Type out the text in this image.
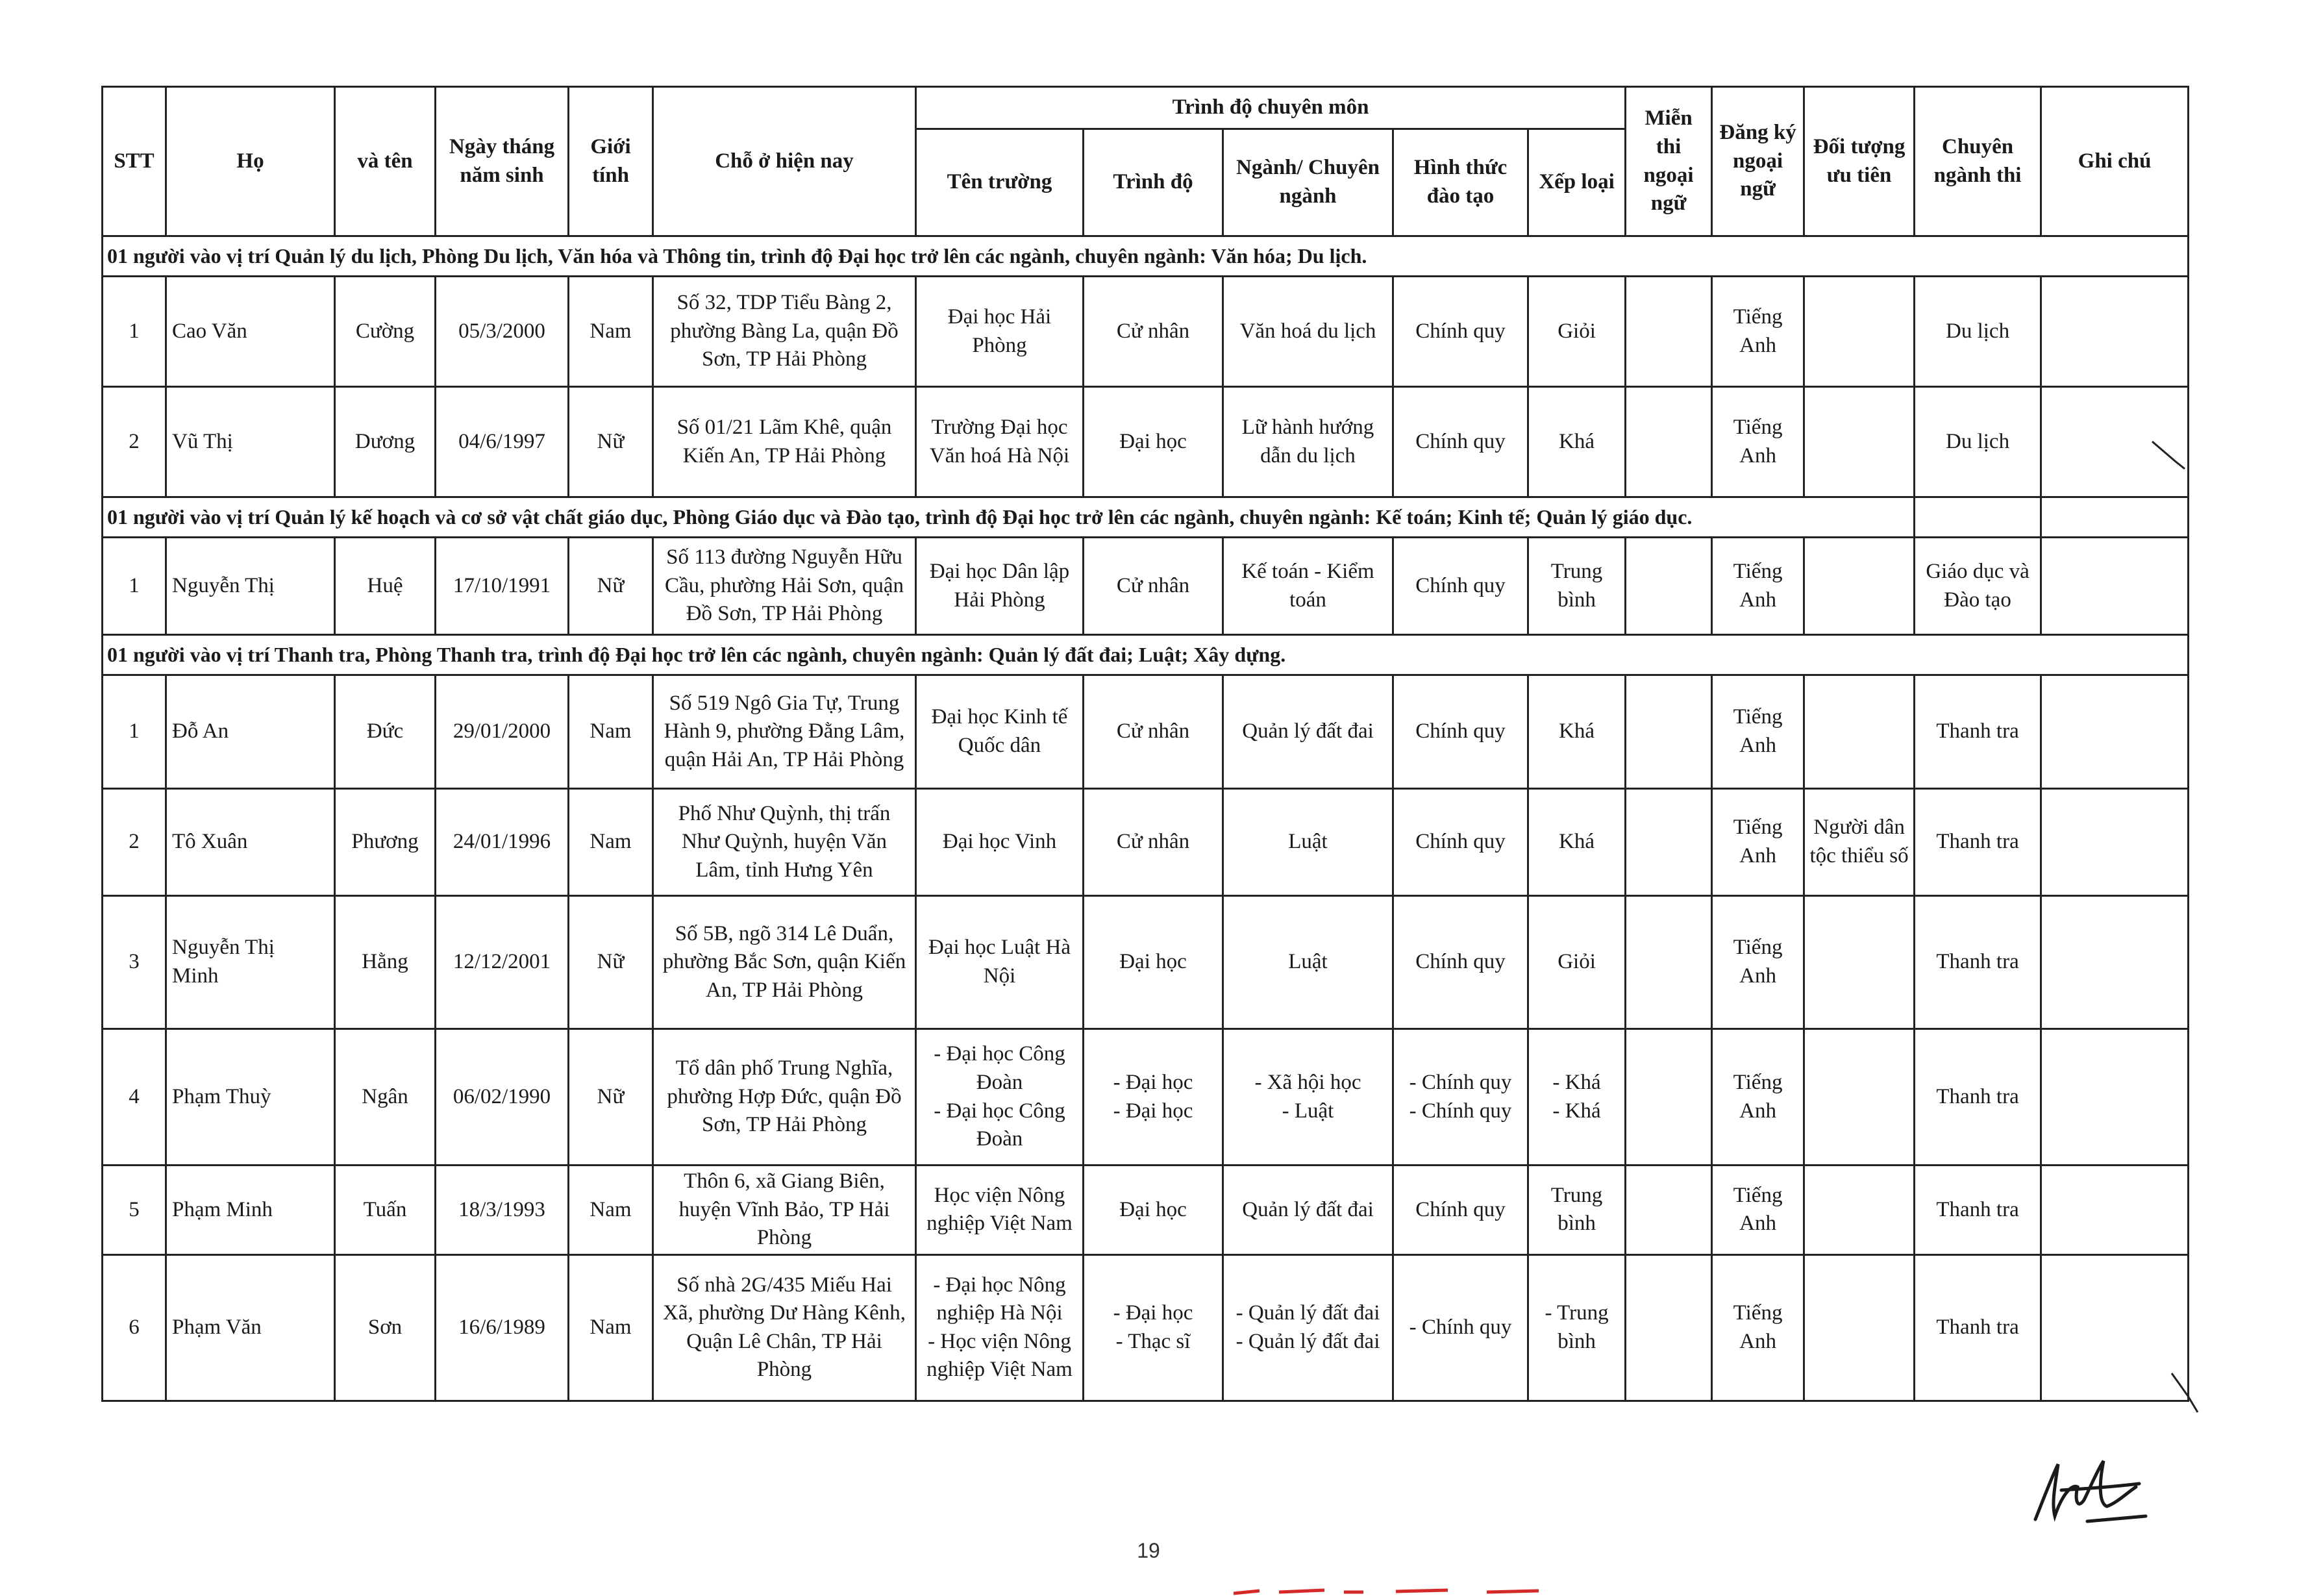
STT	Họ	và tên	Ngày tháng
năm sinh	Giới
tính	Chỗ ở hiện nay	Trình độ chuyên môn					Miễn
thi
ngoại
ngữ	Đăng ký
ngoại
ngữ	Đối tượng
ưu tiên	Chuyên
ngành thi	Ghi chú
						Tên trường	Trình độ	Ngành/ Chuyên
ngành	Hình thức
đào tạo	Xếp loại					
01 người vào vị trí Quản lý du lịch, Phòng Du lịch, Văn hóa và Thông tin, trình độ Đại học trở lên các ngành, chuyên ngành: Văn hóa; Du lịch.															
1	Cao Văn	Cường	05/3/2000	Nam	Số 32, TDP Tiểu Bàng 2,
phường Bàng La, quận Đồ
Sơn, TP Hải Phòng	Đại học Hải
Phòng	Cử nhân	Văn hoá du lịch	Chính quy	Giỏi		Tiếng
Anh		Du lịch	
2	Vũ Thị	Dương	04/6/1997	Nữ	Số 01/21 Lãm Khê, quận
Kiến An, TP Hải Phòng	Trường Đại học
Văn hoá Hà Nội	Đại học	Lữ hành hướng
dẫn du lịch	Chính quy	Khá		Tiếng
Anh		Du lịch	
01 người vào vị trí Quản lý kế hoạch và cơ sở vật chất giáo dục, Phòng Giáo dục và Đào tạo, trình độ Đại học trở lên các ngành, chuyên ngành: Kế toán; Kinh tế; Quản lý giáo dục.															
1	Nguyễn Thị	Huệ	17/10/1991	Nữ	Số 113 đường Nguyễn Hữu
Cầu, phường Hải Sơn, quận
Đồ Sơn, TP Hải Phòng	Đại học Dân lập
Hải Phòng	Cử nhân	Kế toán - Kiểm
toán	Chính quy	Trung
bình		Tiếng
Anh		Giáo dục và
Đào tạo	
01 người vào vị trí Thanh tra, Phòng Thanh tra, trình độ Đại học trở lên các ngành, chuyên ngành: Quản lý đất đai; Luật; Xây dựng.															
1	Đỗ An	Đức	29/01/2000	Nam	Số 519 Ngô Gia Tự, Trung
Hành 9, phường Đằng Lâm,
quận Hải An, TP Hải Phòng	Đại học Kinh tế
Quốc dân	Cử nhân	Quản lý đất đai	Chính quy	Khá		Tiếng
Anh		Thanh tra	
2	Tô Xuân	Phương	24/01/1996	Nam	Phố Như Quỳnh, thị trấn
Như Quỳnh, huyện Văn
Lâm, tỉnh Hưng Yên	Đại học Vinh	Cử nhân	Luật	Chính quy	Khá		Tiếng
Anh	Người dân
tộc thiểu số	Thanh tra	
3	Nguyễn Thị
Minh	Hằng	12/12/2001	Nữ	Số 5B, ngõ 314 Lê Duẩn,
phường Bắc Sơn, quận Kiến
An, TP Hải Phòng	Đại học Luật Hà
Nội	Đại học	Luật	Chính quy	Giỏi		Tiếng
Anh		Thanh tra	
4	Phạm Thuỳ	Ngân	06/02/1990	Nữ	Tổ dân phố Trung Nghĩa,
phường Hợp Đức, quận Đồ
Sơn, TP Hải Phòng	- Đại học Công
Đoàn
- Đại học Công
Đoàn	- Đại học
- Đại học	- Xã hội học
- Luật	- Chính quy
- Chính quy	- Khá
- Khá		Tiếng
Anh		Thanh tra	
5	Phạm Minh	Tuấn	18/3/1993	Nam	Thôn 6, xã Giang Biên,
huyện Vĩnh Bảo, TP Hải
Phòng	Học viện Nông
nghiệp Việt Nam	Đại học	Quản lý đất đai	Chính quy	Trung
bình		Tiếng
Anh		Thanh tra	
6	Phạm Văn	Sơn	16/6/1989	Nam	Số nhà 2G/435 Miếu Hai
Xã, phường Dư Hàng Kênh,
Quận Lê Chân, TP Hải
Phòng	- Đại học Nông
nghiệp Hà Nội
- Học viện Nông
nghiệp Việt Nam	- Đại học
- Thạc sĩ	- Quản lý đất đai
- Quản lý đất đai	- Chính quy	- Trung
bình		Tiếng
Anh		Thanh tra	
19
